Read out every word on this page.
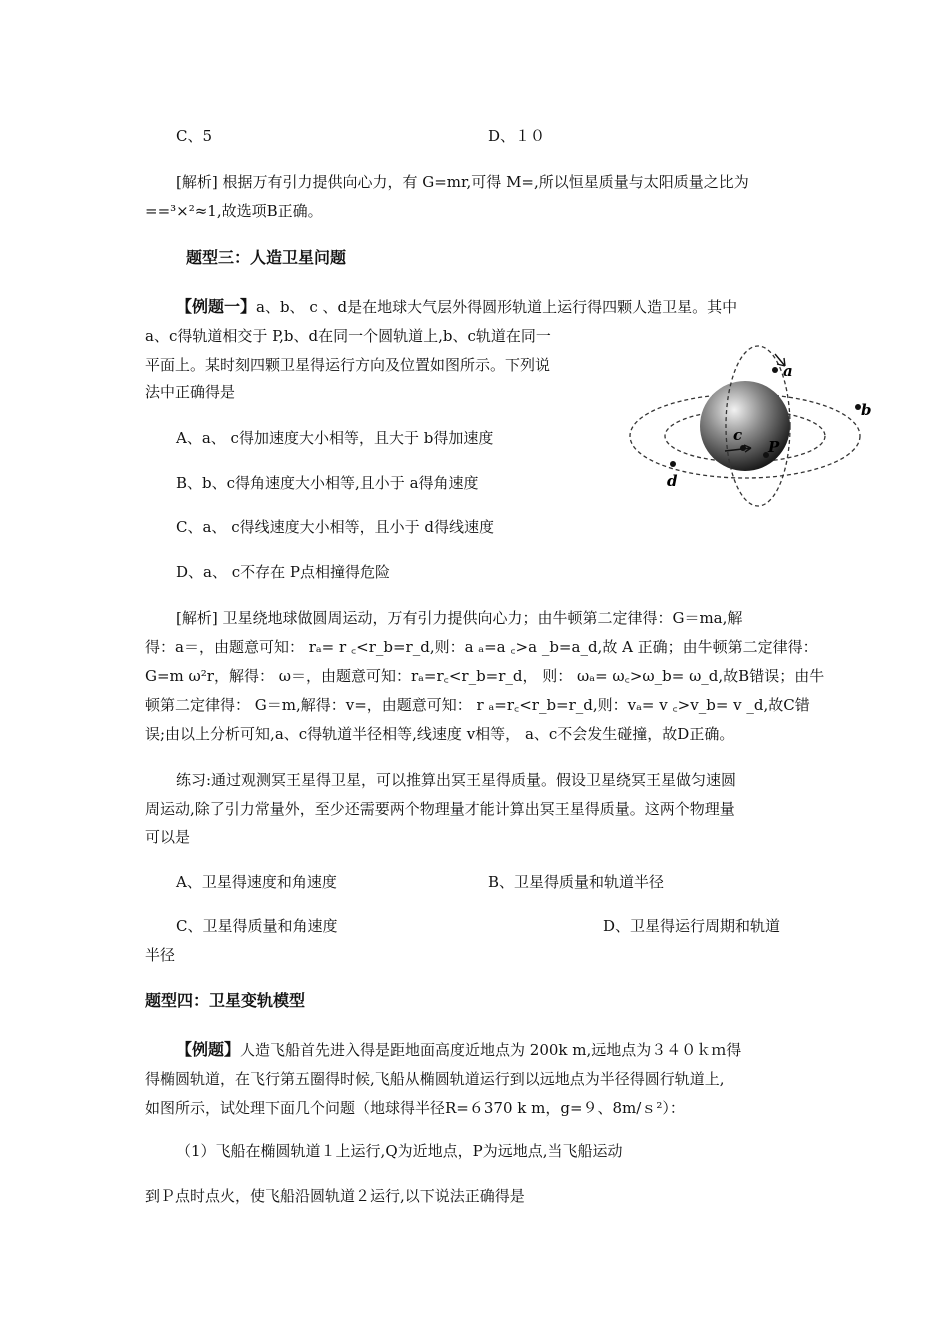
C、5　　　　　　　　　　　　	D、１０
[解析] 根据万有引力提供向心力，有 G=mr,可得 M=,所以恒星质量与太阳质量之比为
==³×²≈1,故选项B正确。
题型三：人造卫星问题
【例题一】a、b、 c 、d是在地球大气层外得圆形轨道上运行得四颗人造卫星。其中
a、c得轨道相交于 P,b、d在同一个圆轨道上,b、c轨道在同一
平面上。某时刻四颗卫星得运行方向及位置如图所示。下列说
法中正确得是
A、a、 c得加速度大小相等，且大于 b得加速度
B、b、c得角速度大小相等,且小于 a得角速度
C、a、 c得线速度大小相等，且小于 d得线速度
D、a、 c不存在 P点相撞得危险
a
b
c
d
P
[解析] 卫星绕地球做圆周运动，万有引力提供向心力；由牛顿第二定律得：G＝ma,解
得：a＝，由题意可知： rₐ= r ꜀<r_b=r_d,则：a ₐ=a ꜀>a _b=a_d,故 A 正确；由牛顿第二定律得：
G=m ω²r，解得： ω＝，由题意可知：rₐ=r꜀<r_b=r_d， 则： ωₐ= ω꜀>ω_b= ω_d,故B错误；由牛
顿第二定律得： G＝m,解得：v=，由题意可知： r ₐ=r꜀<r_b=r_d,则：vₐ= v ꜀>v_b= v _d,故C错
误;由以上分析可知,a、c得轨道半径相等,线速度 v相等， a、c不会发生碰撞，故D正确。
练习:通过观测冥王星得卫星，可以推算出冥王星得质量。假设卫星绕冥王星做匀速圆
周运动,除了引力常量外，至少还需要两个物理量才能计算出冥王星得质量。这两个物理量
可以是
A、卫星得速度和角速度　　　	B、卫星得质量和轨道半径
C、卫星得质量和角速度	D、卫星得运行周期和轨道
半径
题型四：卫星变轨模型
【例题】人造飞船首先进入得是距地面高度近地点为 200k m,远地点为３４０ｋｍ得
得椭圆轨道，在飞行第五圈得时候,飞船从椭圆轨道运行到以远地点为半径得圆行轨道上,
如图所示，试处理下面几个问题（地球得半径R=６370 k m，g=９、8m/ｓ²）：
（1）飞船在椭圆轨道１上运行,Q为近地点，P为远地点,当飞船运动
到Ｐ点时点火，使飞船沿圆轨道２运行,以下说法正确得是
